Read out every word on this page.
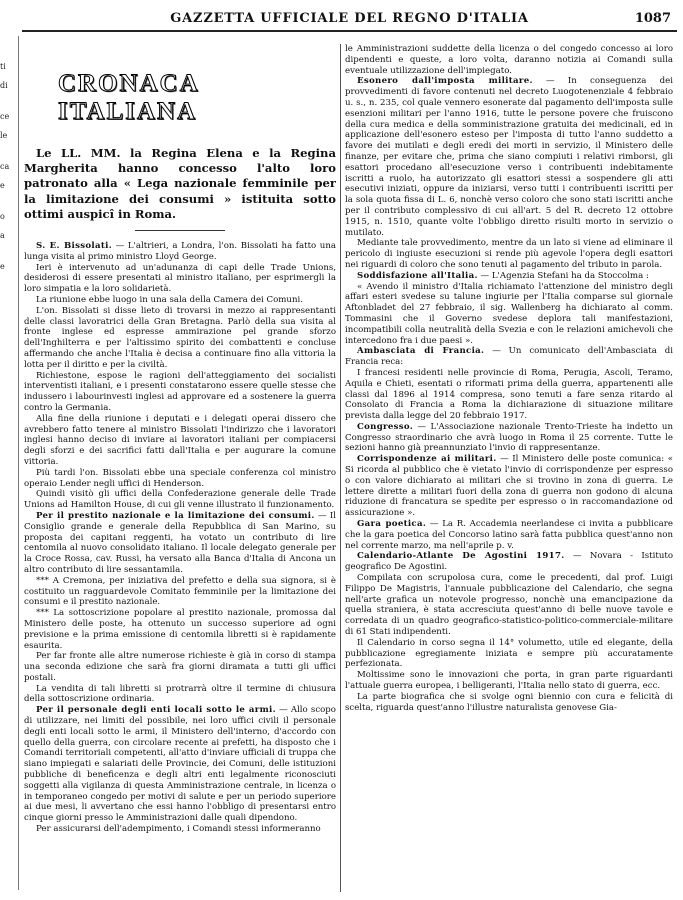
ti
di
ce
le
ca
e
o
a
e
GAZZETTA UFFICIALE DEL REGNO D'ITALIA	1087
CRONACA ITALIANA
Le LL. MM. la Regina Elena e la Regina Margherita hanno concesso l'alto loro patronato alla « Lega nazionale femminile per la limitazione dei consumi » istituita sotto ottimi auspicî in Roma.

S. E. Bissolati. — L'altrieri, a Londra, l'on. Bissolati ha fatto una lunga visita al primo ministro Lloyd George.

Ieri è intervenuto ad un'adunanza di capi delle Trade Unions, desiderosi di essere presentati al ministro italiano, per esprimergli la loro simpatia e la loro solidarietà.

La riunione ebbe luogo in una sala della Camera dei Comuni.

L'on. Bissolati si disse lieto di trovarsi in mezzo ai rappresentanti delle classi lavoratrici della Gran Bretagna. Parlò della sua visita al fronte inglese ed espresse ammirazione pel grande sforzo dell'Inghilterra e per l'altissimo spirito dei combattenti e concluse affermando che anche l'Italia è decisa a continuare fino alla vittoria la lotta per il diritto e per la civiltà.

Richiestone, espose le ragioni dell'atteggiamento dei socialisti interventisti italiani, e i presenti constatarono essere quelle stesse che indussero i labourinvesti inglesi ad approvare ed a sostenere la guerra contro la Germania.

Alla fine della riunione i deputati e i delegati operai dissero che avrebbero fatto tenere al ministro Bissolati l'indirizzo che i lavoratori inglesi hanno deciso di inviare ai lavoratori italiani per compiacersi degli sforzi e dei sacrifici fatti dall'Italia e per augurare la comune vittoria.

Più tardi l'on. Bissolati ebbe una speciale conferenza col ministro operaio Lender negli uffici di Henderson.

Quindi visitò gli uffici della Confederazione generale delle Trade Unions ad Hamilton House, di cui gli venne illustrato il funzionamento.

Per il prestito nazionale e la limitazione dei consumi. — Il Consiglio grande e generale della Repubblica di San Marino, su proposta dei capitani reggenti, ha votato un contributo di lire centomila al nuovo consolidato italiano. Il locale delegato generale per la Croce Rossa, cav. Russi, ha versato alla Banca d'Italia di Ancona un altro contributo di lire sessantamila.

*** A Cremona, per iniziativa del prefetto e della sua signora, si è costituito un ragguardevole Comitato femminile per la limitazione dei consumi e il prestito nazionale.

*** La sottoscrizione popolare al prestito nazionale, promossa dal Ministero delle poste, ha ottenuto un successo superiore ad ogni previsione e la prima emissione di centomila libretti si è rapidamente esaurita.

Per far fronte alle altre numerose richieste è già in corso di stampa una seconda edizione che sarà fra giorni diramata a tutti gli uffici postali.

La vendita di tali libretti si protrarrà oltre il termine di chiusura della sottoscrizione ordinaria.

Per il personale degli enti locali sotto le armi. — Allo scopo di utilizzare, nei limiti del possibile, nei loro uffici civili il personale degli enti locali sotto le armi, il Ministero dell'interno, d'accordo con quello della guerra, con circolare recente ai prefetti, ha disposto che i Comandi territoriali competenti, all'atto d'inviare ufficiali di truppa che siano impiegati e salariati delle Provincie, dei Comuni, delle istituzioni pubbliche di beneficenza e degli altri enti legalmente riconosciuti soggetti alla vigilanza di questa Amministrazione centrale, in licenza o in temporaneo congedo per motivi di salute e per un periodo superiore ai due mesi, li avvertano che essi hanno l'obbligo di presentarsi entro cinque giorni presso le Amministrazioni dalle quali dipendono.

Per assicurarsi dell'adempimento, i Comandi stessi informeranno

le Amministrazioni suddette della licenza o del congedo concesso ai loro dipendenti e queste, a loro volta, daranno notizia ai Comandi sulla eventuale utilizzazione dell'impiegato.

Esonero dall'imposta militare. — In conseguenza dei provvedimenti di favore contenuti nel decreto Luogotenenziale 4 febbraio u. s., n. 235, col quale vennero esonerate dal pagamento dell'imposta sulle esenzioni militari per l'anno 1916, tutte le persone povere che fruiscono della cura medica e della somministrazione gratuita dei medicinali, ed in applicazione dell'esonero esteso per l'imposta di tutto l'anno suddetto a favore dei mutilati e degli eredi dei morti in servizio, il Ministero delle finanze, per evitare che, prima che siano compiuti i relativi rimborsi, gli esattori procedano all'esecuzione verso i contribuenti indebitamente iscritti a ruolo, ha autorizzato gli esattori stessi a sospendere gli atti esecutivi iniziati, oppure da iniziarsi, verso tutti i contribuenti iscritti per la sola quota fissa di L. 6, nonchè verso coloro che sono stati iscritti anche per il contributo complessivo di cui all'art. 5 del R. decreto 12 ottobre 1915, n. 1510, quante volte l'obbligo diretto risulti morto in servizio o mutilato.

Mediante tale provvedimento, mentre da un lato si viene ad eliminare il pericolo di ingiuste esecuzioni si rende più agevole l'opera degli esattori nei riguardi di coloro che sono tenuti al pagamento del tributo in parola.

Soddisfazione all'Italia. — L'Agenzia Stefani ha da Stoccolma :

« Avendo il ministro d'Italia richiamato l'attenzione del ministro degli affari esteri svedese su talune ingiurie per l'Italia comparse sul giornale Aftonbladet del 27 febbraio, il sig. Wallenberg ha dichiarato al comm. Tommasini che il Governo svedese deplora tali manifestazioni, incompatibili colla neutralità della Svezia e con le relazioni amichevoli che intercedono fra i due paesi ».

Ambasciata di Francia. — Un comunicato dell'Ambasciata di Francia reca:

I francesi residenti nelle provincie di Roma, Perugia, Ascoli, Teramo, Aquila e Chieti, esentati o riformati prima della guerra, appartenenti alle classi dal 1896 al 1914 compresa, sono tenuti a fare senza ritardo al Consolato di Francia a Roma la dichiarazione di situazione militare prevista dalla legge del 20 febbraio 1917.

Congresso. — L'Associazione nazionale Trento-Trieste ha indetto un Congresso straordinario che avrà luogo in Roma il 25 corrente. Tutte le sezioni hanno già preannunziato l'invio di rappresentanze.

Corrispondenze ai militari. — Il Ministero delle poste comunica: « Si ricorda al pubblico che è vietato l'invio di corrispondenze per espresso o con valore dichiarato ai militari che si trovino in zona di guerra. Le lettere dirette a militari fuori della zona di guerra non godono di alcuna riduzione di francatura se spedite per espresso o in raccomandazione od assicurazione ».

Gara poetica. — La R. Accademia neerlandese ci invita a pubblicare che la gara poetica del Concorso latino sarà fatta pubblica quest'anno non nel corrente marzo, ma nell'aprile p. v.

Calendario-Atlante De Agostini 1917. — Novara - Istituto geografico De Agostini.

Compilata con scrupolosa cura, come le precedenti, dal prof. Luigi Filippo De Magistris, l'annuale pubblicazione del Calendario, che segna nell'arte grafica un notevole progresso, nonchè una emancipazione da quella straniera, è stata accresciuta quest'anno di belle nuove tavole e corredata di un quadro geografico-statistico-politico-commerciale-militare di 61 Stati indipendenti.

Il Calendario in corso segna il 14° volumetto, utile ed elegante, della pubblicazione egregiamente iniziata e sempre più accuratamente perfezionata.

Moltissime sono le innovazioni che porta, in gran parte riguardanti l'attuale guerra europea, i belligeranti, l'Italia nello stato di guerra, ecc.

La parte biografica che si svolge ogni biennio con cura e felicità di scelta, riguarda quest'anno l'illustre naturalista genovese Gia-
